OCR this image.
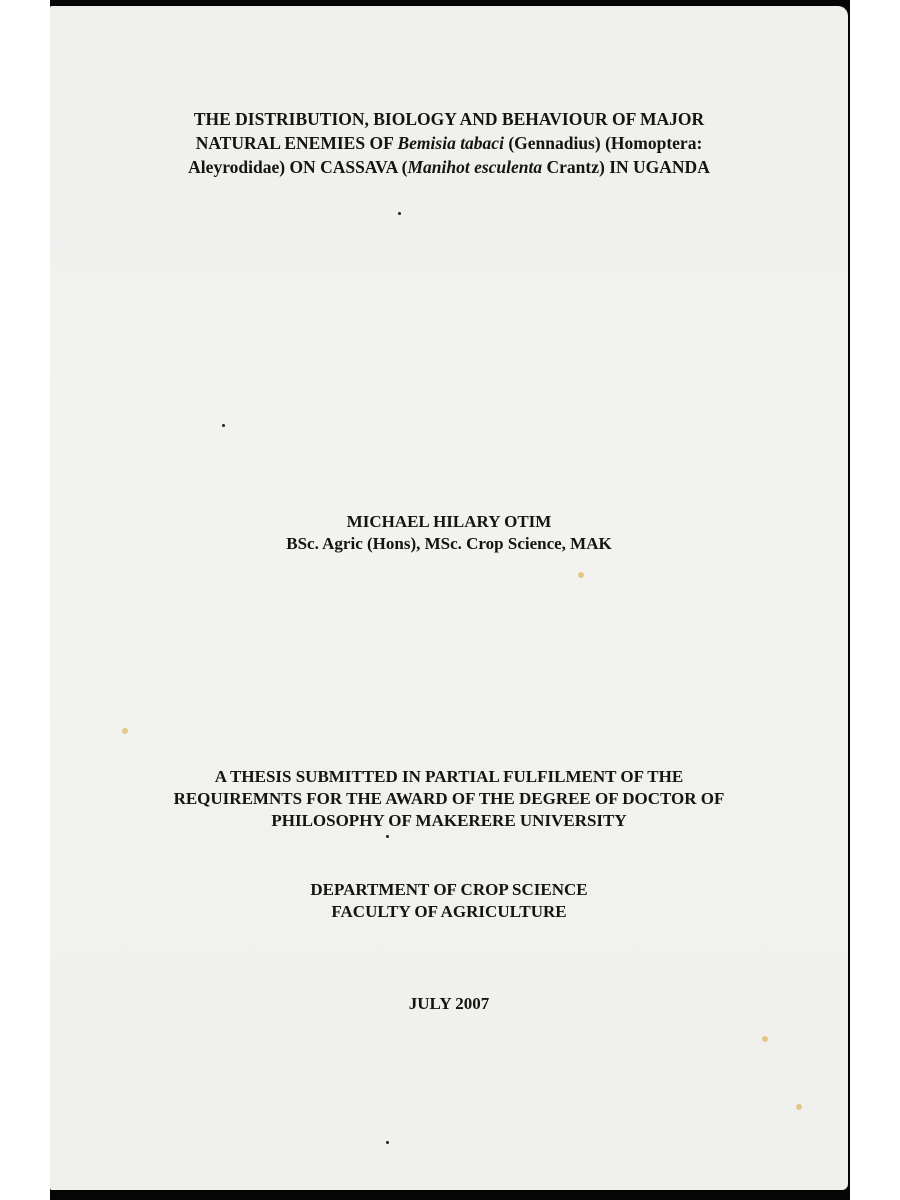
THE DISTRIBUTION, BIOLOGY AND BEHAVIOUR OF MAJOR
NATURAL ENEMIES OF Bemisia tabaci (Gennadius) (Homoptera:
Aleyrodidae) ON CASSAVA (Manihot esculenta Crantz) IN UGANDA
MICHAEL HILARY OTIM
BSc. Agric (Hons), MSc. Crop Science, MAK
A THESIS SUBMITTED IN PARTIAL FULFILMENT OF THE
REQUIREMNTS FOR THE AWARD OF THE DEGREE OF DOCTOR OF
PHILOSOPHY OF MAKERERE UNIVERSITY
DEPARTMENT OF CROP SCIENCE
FACULTY OF AGRICULTURE
JULY 2007
